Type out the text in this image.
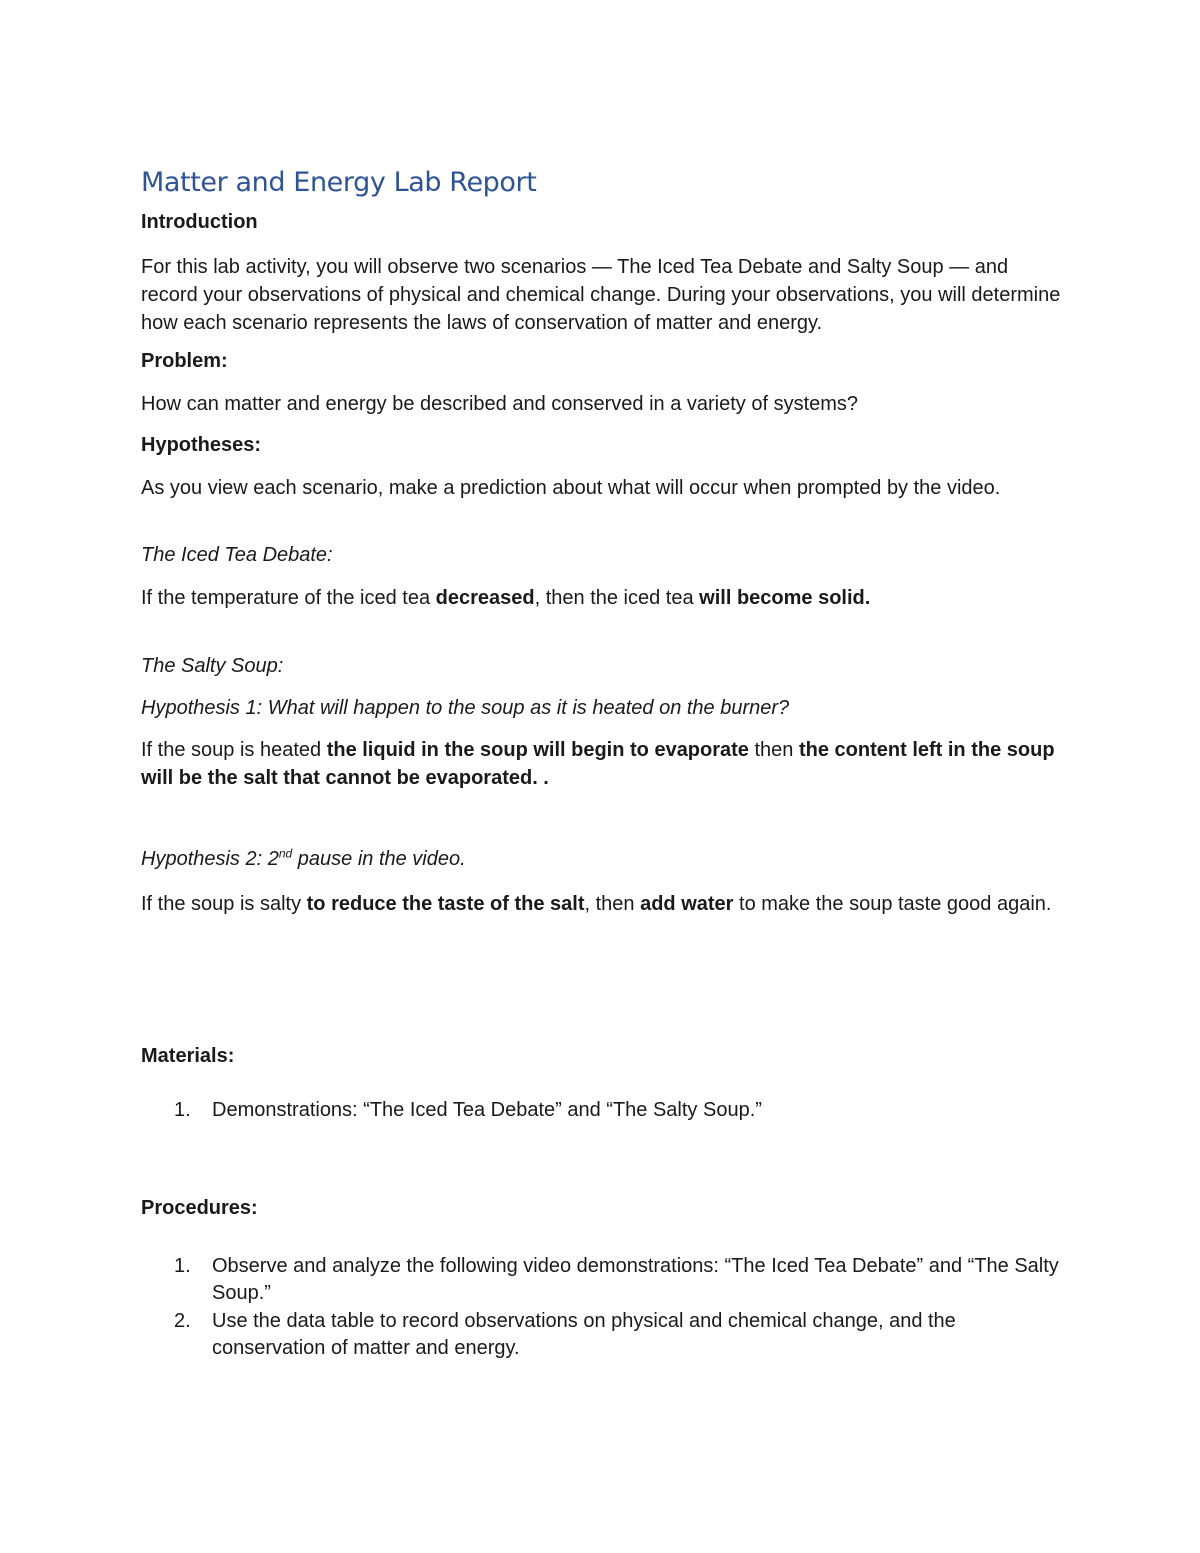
Matter and Energy Lab Report
Introduction

For this lab activity, you will observe two scenarios — The Iced Tea Debate and Salty Soup — and record your observations of physical and chemical change. During your observations, you will determine how each scenario represents the laws of conservation of matter and energy.

Problem:

How can matter and energy be described and conserved in a variety of systems?

Hypotheses:

As you view each scenario, make a prediction about what will occur when prompted by the video.

The Iced Tea Debate:

If the temperature of the iced tea decreased, then the iced tea will become solid.

The Salty Soup:
Hypothesis 1: What will happen to the soup as it is heated on the burner?

If the soup is heated the liquid in the soup will begin to evaporate then the content left in the soup will be the salt that cannot be evaporated. .

Hypothesis 2: 2nd pause in the video.

If the soup is salty to reduce the taste of the salt, then add water to make the soup taste good again.

Materials:
1. Demonstrations: “The Iced Tea Debate” and “The Salty Soup.”
Procedures:
1. Observe and analyze the following video demonstrations: “The Iced Tea Debate” and “The Salty Soup.”
2. Use the data table to record observations on physical and chemical change, and the conservation of matter and energy.
